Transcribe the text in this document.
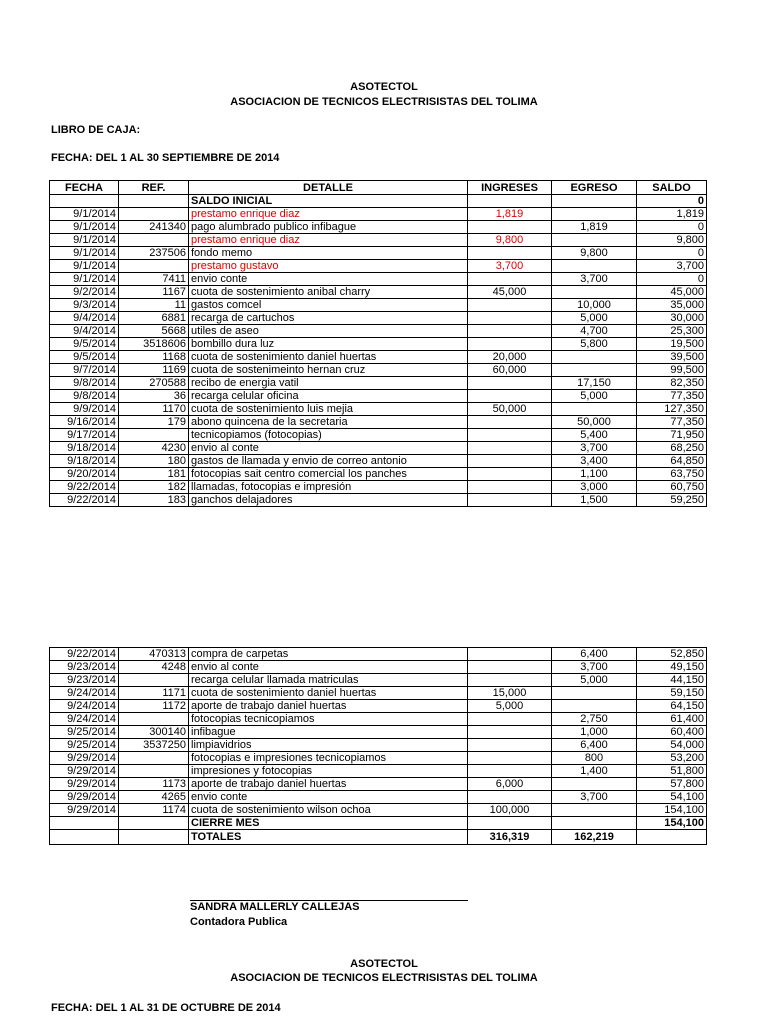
ASOTECTOL
ASOCIACION DE TECNICOS ELECTRISISTAS DEL TOLIMA
LIBRO DE CAJA:
FECHA: DEL 1 AL 30 SEPTIEMBRE DE 2014
FECHA	REF.	DETALLE	INGRESES	EGRESO	SALDO
		SALDO INICIAL			0
9/1/2014		prestamo enrique diaz	1,819		1,819
9/1/2014	241340	pago alumbrado publico infibague		1,819	0
9/1/2014		prestamo enrique diaz	9,800		9,800
9/1/2014	237506	fondo memo		9,800	0
9/1/2014		prestamo gustavo	3,700		3,700
9/1/2014	7411	envio conte		3,700	0
9/2/2014	1167	cuota de sostenimiento anibal charry	45,000		45,000
9/3/2014	11	gastos comcel		10,000	35,000
9/4/2014	6881	recarga de cartuchos		5,000	30,000
9/4/2014	5668	utiles de aseo		4,700	25,300
9/5/2014	3518606	bombillo dura luz		5,800	19,500
9/5/2014	1168	cuota de sostenimiento daniel huertas	20,000		39,500
9/7/2014	1169	cuota de sostenimeinto hernan cruz	60,000		99,500
9/8/2014	270588	recibo de energia vatil		17,150	82,350
9/8/2014	36	recarga celular oficina		5,000	77,350
9/9/2014	1170	cuota de sostenimiento luis mejia	50,000		127,350
9/16/2014	179	abono quincena de la secretaria		50,000	77,350
9/17/2014		tecnicopiamos (fotocopias)		5,400	71,950
9/18/2014	4230	envio al conte		3,700	68,250
9/18/2014	180	gastos de llamada y envio de correo antonio		3,400	64,850
9/20/2014	181	fotocopias sait centro comercial los panches		1,100	63,750
9/22/2014	182	llamadas, fotocopias e impresión		3,000	60,750
9/22/2014	183	ganchos delajadores		1,500	59,250
9/22/2014	470313	compra de carpetas		6,400	52,850
9/23/2014	4248	envio al conte		3,700	49,150
9/23/2014		recarga celular llamada matriculas		5,000	44,150
9/24/2014	1171	cuota de sostenimiento daniel huertas	15,000		59,150
9/24/2014	1172	aporte de trabajo daniel huertas	5,000		64,150
9/24/2014		fotocopias tecnicopiamos		2,750	61,400
9/25/2014	300140	infibague		1,000	60,400
9/25/2014	3537250	limpiavidrios		6,400	54,000
9/29/2014		fotocopias e impresiones tecnicopiamos		800	53,200
9/29/2014		impresiones y fotocopias		1,400	51,800
9/29/2014	1173	aporte de trabajo daniel huertas	6,000		57,800
9/29/2014	4265	envio conte		3,700	54,100
9/29/2014	1174	cuota de sostenimiento wilson ochoa	100,000		154,100
		CIERRE MES			154,100
		TOTALES	316,319	162,219	
SANDRA MALLERLY CALLEJAS
Contadora Publica
ASOTECTOL
ASOCIACION DE TECNICOS ELECTRISISTAS DEL TOLIMA
FECHA: DEL 1 AL 31 DE OCTUBRE DE 2014
